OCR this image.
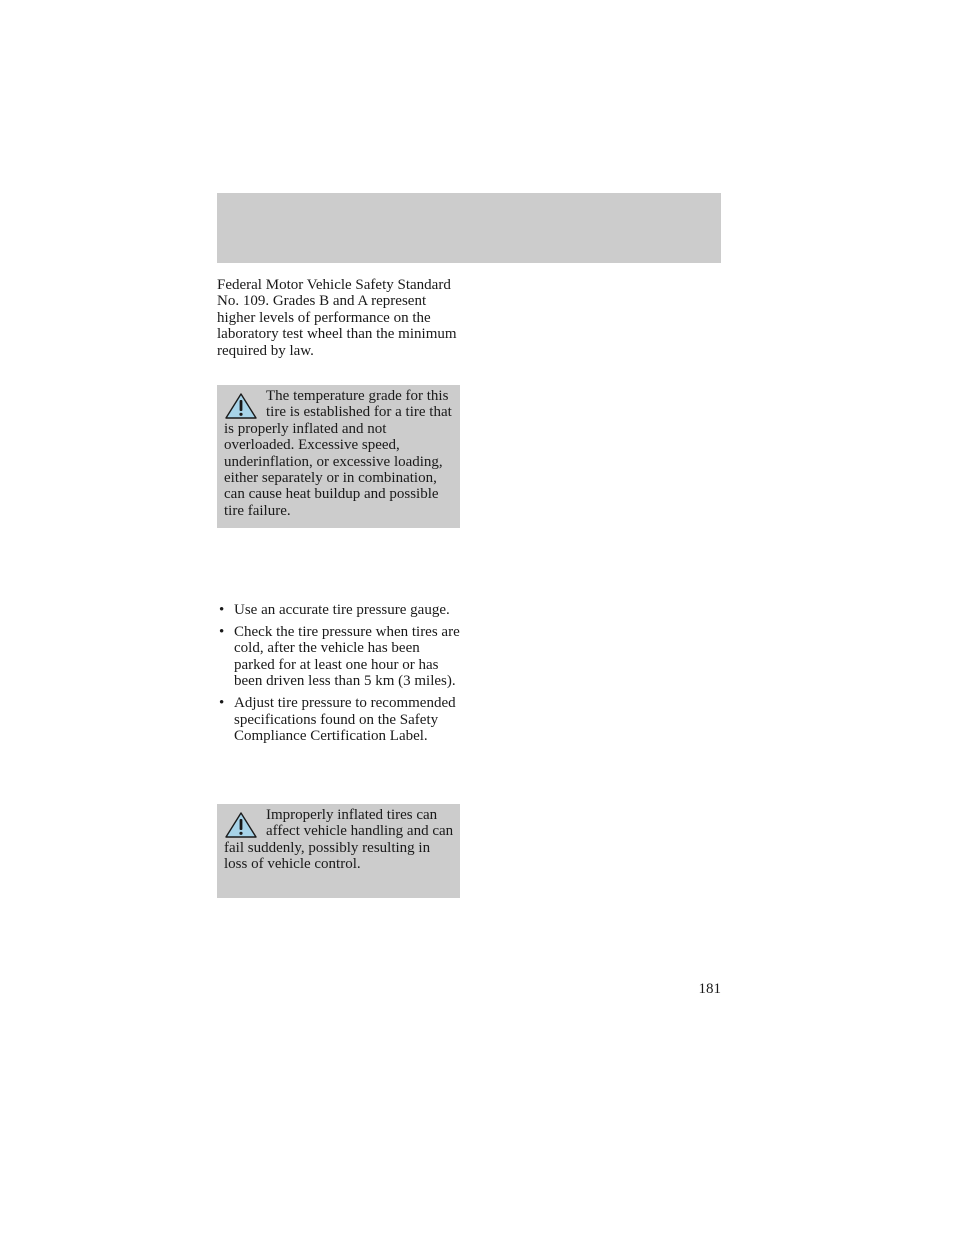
Federal Motor Vehicle Safety Standard No. 109. Grades B and A represent higher levels of performance on the laboratory test wheel than the minimum required by law.

The temperature grade for this tire is established for a tire that is properly inflated and not overloaded. Excessive speed, underinflation, or excessive loading, either separately or in combination, can cause heat buildup and possible tire failure.

• Use an accurate tire pressure gauge.
• Check the tire pressure when tires are cold, after the vehicle has been parked for at least one hour or has been driven less than 5 km (3 miles).
• Adjust tire pressure to recommended specifications found on the Safety Compliance Certification Label.

Improperly inflated tires can affect vehicle handling and can fail suddenly, possibly resulting in loss of vehicle control.

181
